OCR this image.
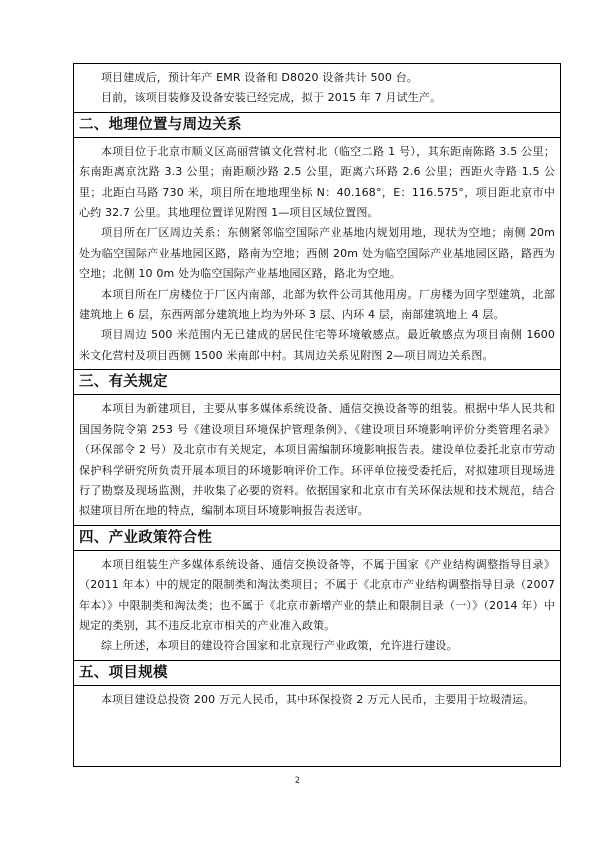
项目建成后，预计年产 EMR 设备和 D8020 设备共计 500 台。

目前，该项目装修及设备安装已经完成，拟于 2015 年 7 月试生产。

二、地理位置与周边关系

本项目位于北京市顺义区高丽营镇文化营村北（临空二路 1 号），其东距南陈路 3.5 公里；东南距离京沈路 3.3 公里；南距顺沙路 2.5 公里，距离六环路 2.6 公里；西距火寺路 1.5 公里；北距白马路 730 米，项目所在地地理坐标 N：40.168°，E：116.575°，项目距北京市中心约 32.7 公里。其地理位置详见附图 1—项目区域位置图。

项目所在厂区周边关系：东侧紧邻临空国际产业基地内规划用地，现状为空地；南侧 20m 处为临空国际产业基地园区路，路南为空地；西侧 20m 处为临空国际产业基地园区路，路西为空地；北侧 10 0m 处为临空国际产业基地园区路，路北为空地。

本项目所在厂房楼位于厂区内南部，北部为软件公司其他用房。厂房楼为回字型建筑，北部建筑地上 6 层，东西两部分建筑地上均为外环 3 层、内环 4 层，南部建筑地上 4 层。

项目周边 500 米范围内无已建成的居民住宅等环境敏感点。最近敏感点为项目南侧 1600 米文化营村及项目西侧 1500 米南郎中村。其周边关系见附图 2—项目周边关系图。

三、有关规定

本项目为新建项目，主要从事多媒体系统设备、通信交换设备等的组装。根据中华人民共和国国务院令第 253 号《建设项目环境保护管理条例》、《建设项目环境影响评价分类管理名录》（环保部令 2 号）及北京市有关规定，本项目需编制环境影响报告表。建设单位委托北京市劳动保护科学研究所负责开展本项目的环境影响评价工作。环评单位接受委托后，对拟建项目现场进行了勘察及现场监测，并收集了必要的资料。依据国家和北京市有关环保法规和技术规范，结合拟建项目所在地的特点，编制本项目环境影响报告表送审。

四、产业政策符合性

本项目组装生产多媒体系统设备、通信交换设备等，不属于国家《产业结构调整指导目录》（2011 年本）中的规定的限制类和淘汰类项目；不属于《北京市产业结构调整指导目录（2007 年本）》中限制类和淘汰类；也不属于《北京市新增产业的禁止和限制目录（一）》（2014 年）中规定的类别，其不违反北京市相关的产业准入政策。

综上所述，本项目的建设符合国家和北京现行产业政策，允许进行建设。

五、项目规模

本项目建设总投资 200 万元人民币，其中环保投资 2 万元人民币，主要用于垃圾清运。

2
